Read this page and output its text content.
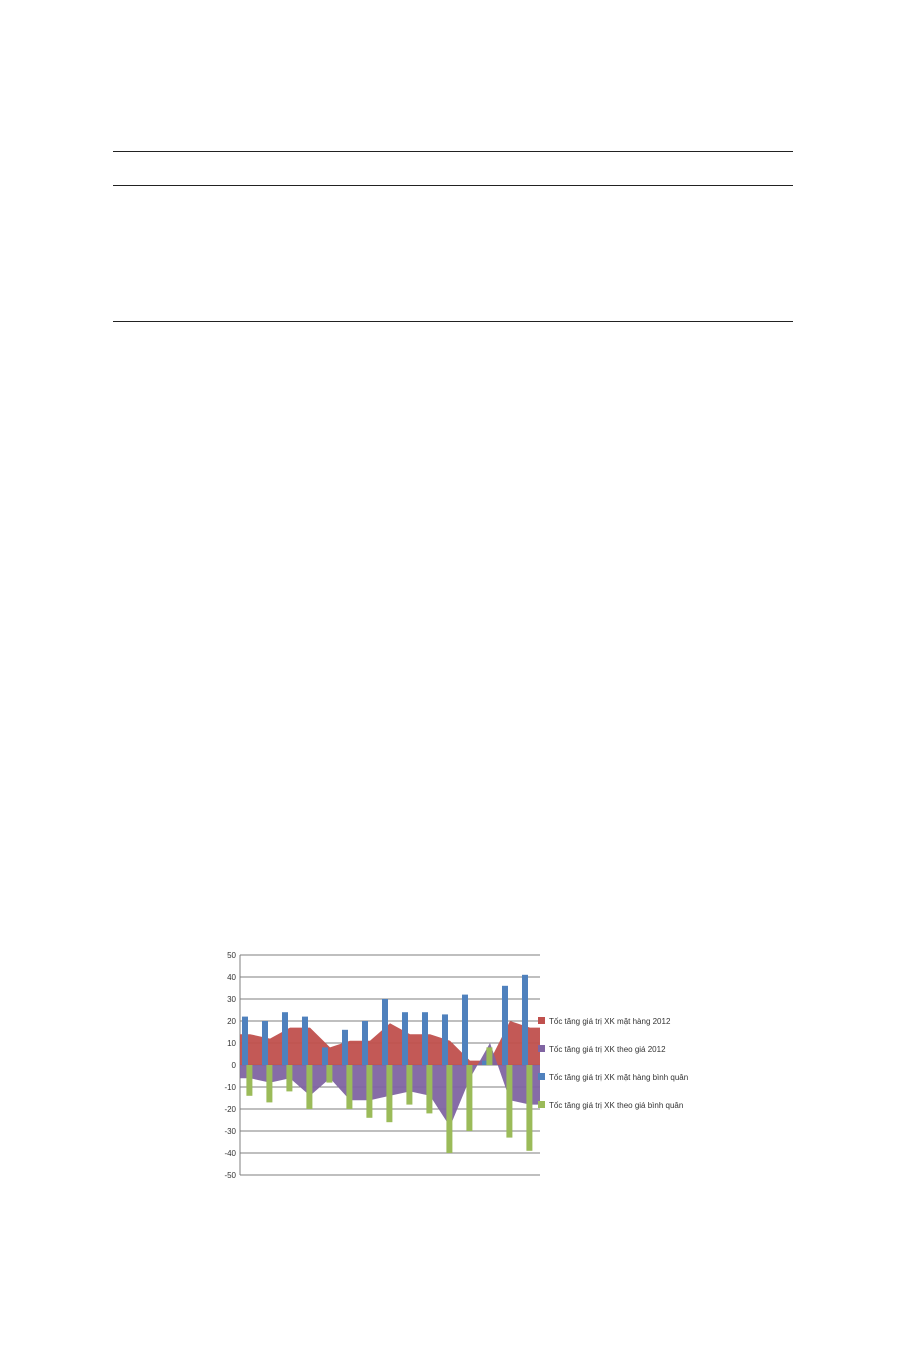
50
40
30
20
10
0
-10
-20
-30
-40
-50
Tốc tăng giá trị XK mặt hàng 2012
Tốc tăng giá trị XK theo giá 2012
Tốc tăng giá trị XK mặt hàng bình quân
Tốc tăng giá trị XK theo giá bình quân
